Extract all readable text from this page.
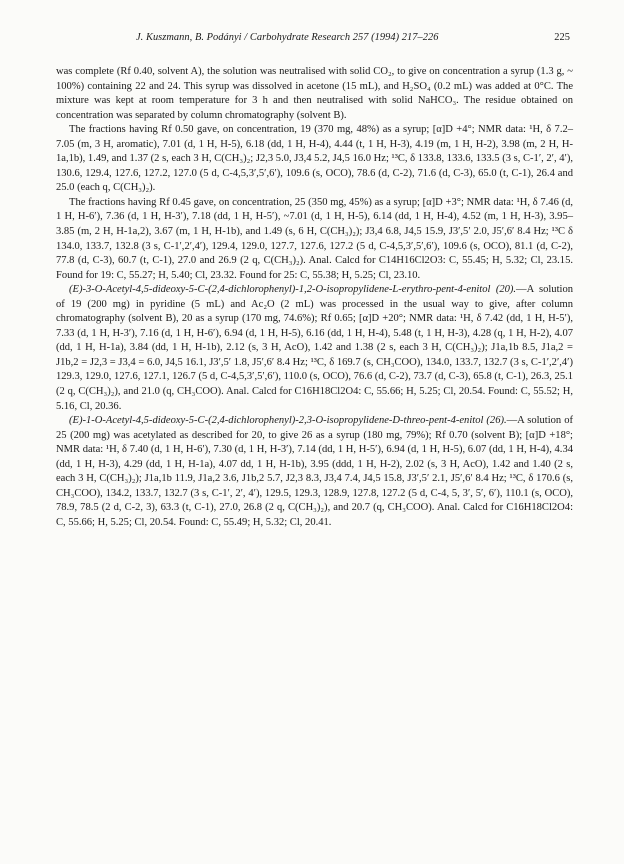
J. Kuszmann, B. Podányi / Carbohydrate Research 257 (1994) 217–226	225

was complete (Rf 0.40, solvent A), the solution was neutralised with solid CO₂, to give on concentration a syrup (1.3 g, ~ 100%) containing 22 and 24. This syrup was dissolved in acetone (15 mL), and H₂SO₄ (0.2 mL) was added at 0°C. The mixture was kept at room temperature for 3 h and then neutralised with solid NaHCO₃. The residue obtained on concentration was separated by column chromatography (solvent B).

The fractions having Rf 0.50 gave, on concentration, 19 (370 mg, 48%) as a syrup; [α]D +4°; NMR data: ¹H, δ 7.2–7.05 (m, 3 H, aromatic), 7.01 (d, 1 H, H-5), 6.18 (dd, 1 H, H-4), 4.44 (t, 1 H, H-3), 4.19 (m, 1 H, H-2), 3.98 (m, 2 H, H-1a,1b), 1.49, and 1.37 (2 s, each 3 H, C(CH₃)₂; J2,3 5.0, J3,4 5.2, J4,5 16.0 Hz; ¹³C, δ 133.8, 133.6, 133.5 (3 s, C-1′, 2′, 4′), 130.6, 129.4, 127.6, 127.2, 127.0 (5 d, C-4,5,3′,5′,6′), 109.6 (s, OCO), 78.6 (d, C-2), 71.6 (d, C-3), 65.0 (t, C-1), 26.4 and 25.0 (each q, C(CH₃)₂).

The fractions having Rf 0.45 gave, on concentration, 25 (350 mg, 45%) as a syrup; [α]D +3°; NMR data: ¹H, δ 7.46 (d, 1 H, H-6′), 7.36 (d, 1 H, H-3′), 7.18 (dd, 1 H, H-5′), ~7.01 (d, 1 H, H-5), 6.14 (dd, 1 H, H-4), 4.52 (m, 1 H, H-3), 3.95–3.85 (m, 2 H, H-1a,2), 3.67 (m, 1 H, H-1b), and 1.49 (s, 6 H, C(CH₃)₂); J3,4 6.8, J4,5 15.9, J3′,5′ 2.0, J5′,6′ 8.4 Hz; ¹³C δ 134.0, 133.7, 132.8 (3 s, C-1′,2′,4′), 129.4, 129.0, 127.7, 127.6, 127.2 (5 d, C-4,5,3′,5′,6′), 109.6 (s, OCO), 81.1 (d, C-2), 77.8 (d, C-3), 60.7 (t, C-1), 27.0 and 26.9 (2 q, C(CH₃)₂). Anal. Calcd for C14H16Cl2O3: C, 55.45; H, 5.32; Cl, 23.15. Found for 19: C, 55.27; H, 5.40; Cl, 23.32. Found for 25: C, 55.38; H, 5.25; Cl, 23.10.

(E)-3-O-Acetyl-4,5-dideoxy-5-C-(2,4-dichlorophenyl)-1,2-O-isopropylidene-L-erythro-pent-4-enitol (20).—A solution of 19 (200 mg) in pyridine (5 mL) and Ac₂O (2 mL) was processed in the usual way to give, after column chromatography (solvent B), 20 as a syrup (170 mg, 74.6%); Rf 0.65; [α]D +20°; NMR data: ¹H, δ 7.42 (dd, 1 H, H-5′), 7.33 (d, 1 H, H-3′), 7.16 (d, 1 H, H-6′), 6.94 (d, 1 H, H-5), 6.16 (dd, 1 H, H-4), 5.48 (t, 1 H, H-3), 4.28 (q, 1 H, H-2), 4.07 (dd, 1 H, H-1a), 3.84 (dd, 1 H, H-1b), 2.12 (s, 3 H, AcO), 1.42 and 1.38 (2 s, each 3 H, C(CH₃)₂); J1a,1b 8.5, J1a,2 = J1b,2 = J2,3 = J3,4 = 6.0, J4,5 16.1, J3′,5′ 1.8, J5′,6′ 8.4 Hz; ¹³C, δ 169.7 (s, CH₃COO), 134.0, 133.7, 132.7 (3 s, C-1′,2′,4′) 129.3, 129.0, 127.6, 127.1, 126.7 (5 d, C-4,5,3′,5′,6′), 110.0 (s, OCO), 76.6 (d, C-2), 73.7 (d, C-3), 65.8 (t, C-1), 26.3, 25.1 (2 q, C(CH₃)₂), and 21.0 (q, CH₃COO). Anal. Calcd for C16H18Cl2O4: C, 55.66; H, 5.25; Cl, 20.54. Found: C, 55.52; H, 5.16, Cl, 20.36.

(E)-1-O-Acetyl-4,5-dideoxy-5-C-(2,4-dichlorophenyl)-2,3-O-isopropylidene-D-threo-pent-4-enitol (26).—A solution of 25 (200 mg) was acetylated as described for 20, to give 26 as a syrup (180 mg, 79%); Rf 0.70 (solvent B); [α]D +18°; NMR data: ¹H, δ 7.40 (d, 1 H, H-6′), 7.30 (d, 1 H, H-3′), 7.14 (dd, 1 H, H-5′), 6.94 (d, 1 H, H-5), 6.07 (dd, 1 H, H-4), 4.34 (dd, 1 H, H-3), 4.29 (dd, 1 H, H-1a), 4.07 dd, 1 H, H-1b), 3.95 (ddd, 1 H, H-2), 2.02 (s, 3 H, AcO), 1.42 and 1.40 (2 s, each 3 H, C(CH₃)₂); J1a,1b 11.9, J1a,2 3.6, J1b,2 5.7, J2,3 8.3, J3,4 7.4, J4,5 15.8, J3′,5′ 2.1, J5′,6′ 8.4 Hz; ¹³C, δ 170.6 (s, CH₃COO), 134.2, 133.7, 132.7 (3 s, C-1′, 2′, 4′), 129.5, 129.3, 128.9, 127.8, 127.2 (5 d, C-4, 5, 3′, 5′, 6′), 110.1 (s, OCO), 78.9, 78.5 (2 d, C-2, 3), 63.3 (t, C-1), 27.0, 26.8 (2 q, C(CH₃)₂), and 20.7 (q, CH₃COO). Anal. Calcd for C16H18Cl2O4: C, 55.66; H, 5.25; Cl, 20.54. Found: C, 55.49; H, 5.32; Cl, 20.41.
